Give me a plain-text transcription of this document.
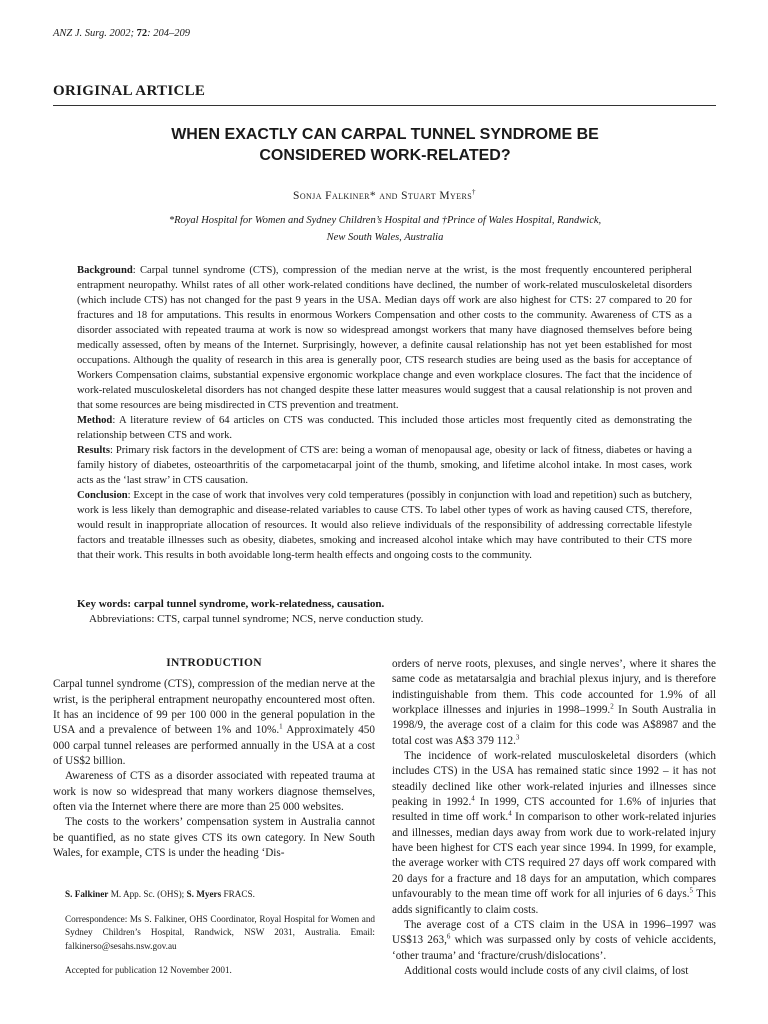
ANZ J. Surg. 2002; 72: 204–209
ORIGINAL ARTICLE
WHEN EXACTLY CAN CARPAL TUNNEL SYNDROME BE
CONSIDERED WORK-RELATED?
Sonja Falkiner* and Stuart Myers†
*Royal Hospital for Women and Sydney Children’s Hospital and †Prince of Wales Hospital, Randwick,
New South Wales, Australia

Background: Carpal tunnel syndrome (CTS), compression of the median nerve at the wrist, is the most frequently encountered peripheral entrapment neuropathy. Whilst rates of all other work-related conditions have declined, the number of work-related musculoskeletal disorders (which include CTS) has not changed for the past 9 years in the USA. Median days off work are also highest for CTS: 27 compared to 20 for fractures and 18 for amputations. This results in enormous Workers Compensation and other costs to the community. Awareness of CTS as a disorder associated with repeated trauma at work is now so widespread amongst workers that many have diagnosed themselves before being medically assessed, often by means of the Internet. Surprisingly, however, a definite causal relationship has not yet been established for most occupations. Although the quality of research in this area is generally poor, CTS research studies are being used as the basis for acceptance of Workers Compensation claims, substantial expensive ergonomic workplace change and even workplace closures. The fact that the incidence of work-related musculoskeletal disorders has not changed despite these latter measures would suggest that a causal relationship is not proven and that some resources are being misdirected in CTS prevention and treatment.

Method: A literature review of 64 articles on CTS was conducted. This included those articles most frequently cited as demonstrating the relationship between CTS and work.

Results: Primary risk factors in the development of CTS are: being a woman of menopausal age, obesity or lack of fitness, diabetes or having a family history of diabetes, osteoarthritis of the carpometacarpal joint of the thumb, smoking, and lifetime alcohol intake. In most cases, work acts as the ‘last straw’ in CTS causation.

Conclusion: Except in the case of work that involves very cold temperatures (possibly in conjunction with load and repetition) such as butchery, work is less likely than demographic and disease-related variables to cause CTS. To label other types of work as having caused CTS, therefore, would result in inappropriate allocation of resources. It would also relieve individuals of the responsibility of addressing correctable lifestyle factors and treatable illnesses such as obesity, diabetes, smoking and increased alcohol intake which may have contributed to their CTS more that their work. This results in both avoidable long-term health effects and ongoing costs to the community.

Key words: carpal tunnel syndrome, work-relatedness, causation.
Abbreviations: CTS, carpal tunnel syndrome; NCS, nerve conduction study.
INTRODUCTION

Carpal tunnel syndrome (CTS), compression of the median nerve at the wrist, is the peripheral entrapment neuropathy encountered most often. It has an incidence of 99 per 100 000 in the general population in the USA and a prevalence of between 1% and 10%.$^1$ Approximately 450 000 carpal tunnel releases are performed annually in the USA at a cost of US$2 billion.

Awareness of CTS as a disorder associated with repeated trauma at work is now so widespread that many workers diagnose themselves, often via the Internet where there are more than 25 000 websites.

The costs to the workers’ compensation system in Australia cannot be quantified, as no state gives CTS its own category. In New South Wales, for example, CTS is under the heading ‘Dis-

S. Falkiner M. App. Sc. (OHS); S. Myers FRACS.

Correspondence: Ms S. Falkiner, OHS Coordinator, Royal Hospital for Women and Sydney Children’s Hospital, Randwick, NSW 2031, Australia. Email: falkinerso@sesahs.nsw.gov.au

Accepted for publication 12 November 2001.

orders of nerve roots, plexuses, and single nerves’, where it shares the same code as metatarsalgia and brachial plexus injury, and is therefore indistinguishable from them. This code accounted for 1.9% of all workplace illnesses and injuries in 1998–1999.$^2$ In South Australia in 1998/9, the average cost of a claim for this code was A$8987 and the total cost was A$3 379 112.$^3$

The incidence of work-related musculoskeletal disorders (which includes CTS) in the USA has remained static since 1992 – it has not steadily declined like other work-related injuries and illnesses since peaking in 1992.$^4$ In 1999, CTS accounted for 1.6% of injuries that resulted in time off work.$^4$ In comparison to other work-related injuries and illnesses, median days away from work due to work-related injury have been highest for CTS each year since 1994. In 1999, for example, the average worker with CTS required 27 days off work compared with 20 days for a fracture and 18 days for an amputation, which compares unfavourably to the mean time off work for all injuries of 6 days.$^5$ This adds significantly to claim costs.

The average cost of a CTS claim in the USA in 1996–1997 was US$13 263,$^6$ which was surpassed only by costs of vehicle accidents, ‘other trauma’ and ‘fracture/crush/dislocations’.

Additional costs would include costs of any civil claims, of lost
